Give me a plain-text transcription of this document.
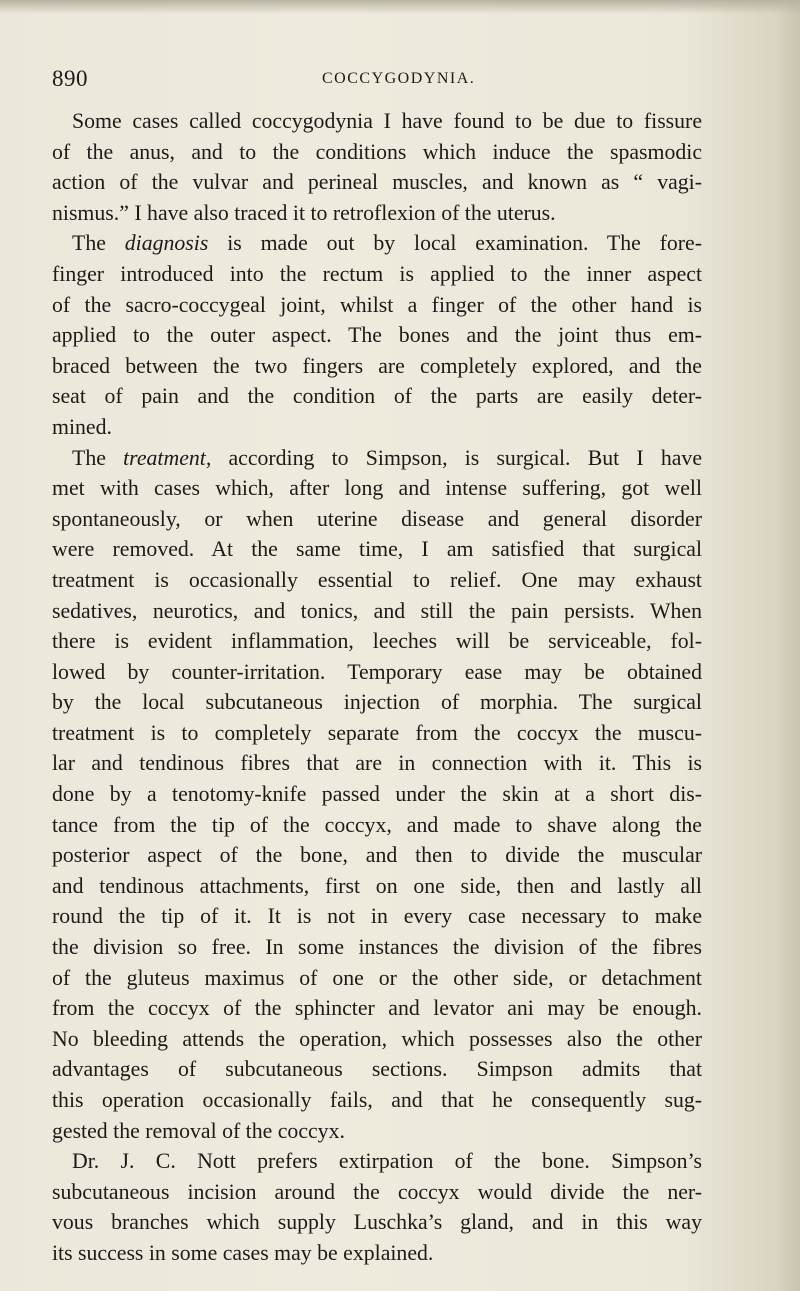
890	COCCYGODYNIA.
Some cases called coccygodynia I have found to be due to fissure
of the anus, and to the conditions which induce the spasmodic
action of the vulvar and perineal muscles, and known as “ vagi-
nismus.” I have also traced it to retroflexion of the uterus.
The diagnosis is made out by local examination. The fore-
finger introduced into the rectum is applied to the inner aspect
of the sacro-coccygeal joint, whilst a finger of the other hand is
applied to the outer aspect. The bones and the joint thus em-
braced between the two fingers are completely explored, and the
seat of pain and the condition of the parts are easily deter-
mined.
The treatment, according to Simpson, is surgical. But I have
met with cases which, after long and intense suffering, got well
spontaneously, or when uterine disease and general disorder
were removed. At the same time, I am satisfied that surgical
treatment is occasionally essential to relief. One may exhaust
sedatives, neurotics, and tonics, and still the pain persists. When
there is evident inflammation, leeches will be serviceable, fol-
lowed by counter-irritation. Temporary ease may be obtained
by the local subcutaneous injection of morphia. The surgical
treatment is to completely separate from the coccyx the muscu-
lar and tendinous fibres that are in connection with it. This is
done by a tenotomy-knife passed under the skin at a short dis-
tance from the tip of the coccyx, and made to shave along the
posterior aspect of the bone, and then to divide the muscular
and tendinous attachments, first on one side, then and lastly all
round the tip of it. It is not in every case necessary to make
the division so free. In some instances the division of the fibres
of the gluteus maximus of one or the other side, or detachment
from the coccyx of the sphincter and levator ani may be enough.
No bleeding attends the operation, which possesses also the other
advantages of subcutaneous sections. Simpson admits that
this operation occasionally fails, and that he consequently sug-
gested the removal of the coccyx.
Dr. J. C. Nott prefers extirpation of the bone. Simpson’s
subcutaneous incision around the coccyx would divide the ner-
vous branches which supply Luschka’s gland, and in this way
its success in some cases may be explained.
